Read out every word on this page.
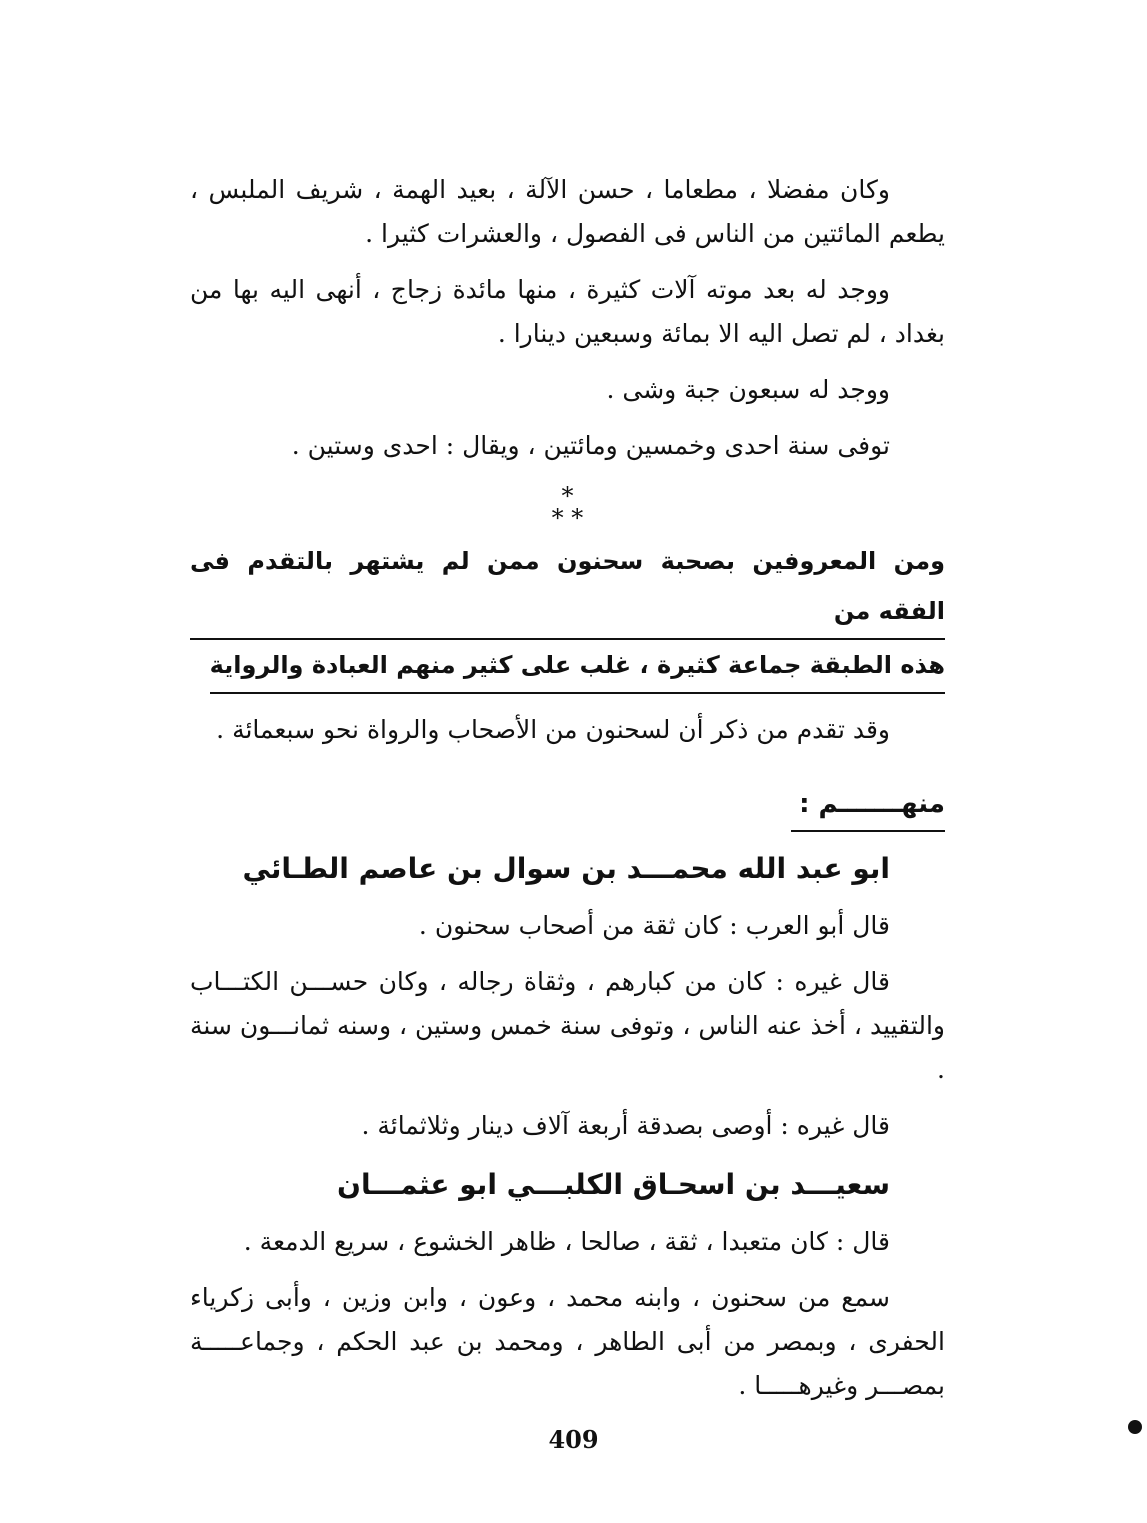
وكان مفضلا ، مطعاما ، حسن الآلة ، بعيد الهمة ، شريف الملبس ، يطعم المائتين من الناس فى الفصول ، والعشرات كثيرا .

ووجد له بعد موته آلات كثيرة ، منها مائدة زجاج ، أنهى اليه بها من بغداد ، لم تصل اليه الا بمائة وسبعين دينارا .

ووجد له سبعون جبة وشى .

توفى سنة احدى وخمسين ومائتين ، ويقال : احدى وستين .

*
* *
ومن المعروفين بصحبة سحنون ممن لم يشتهر بالتقدم فى الفقه من
هذه الطبقة جماعة كثيرة ، غلب على كثير منهم العبادة والرواية

وقد تقدم من ذكر أن لسحنون من الأصحاب والرواة نحو سبعمائة .

منهـــــــم :
ابو عبد الله محمـــد بن سوال بن عاصم الطـائي

قال أبو العرب : كان ثقة من أصحاب سحنون .

قال غيره : كان من كبارهم ، وثقاة رجاله ، وكان حســـن الكتـــاب والتقييد ، أخذ عنه الناس ، وتوفى سنة خمس وستين ، وسنه ثمانـــون سنة .

قال غيره : أوصى بصدقة أربعة آلاف دينار وثلاثمائة .

سعيـــد بن اسحـاق الكلبـــي ابو عثمـــان

قال : كان متعبدا ، ثقة ، صالحا ، ظاهر الخشوع ، سريع الدمعة .

سمع من سحنون ، وابنه محمد ، وعون ، وابن وزين ، وأبى زكرياء الحفرى ، وبمصر من أبى الطاهر ، ومحمد بن عبد الحكم ، وجماعـــــة بمصـــر وغيرهـــــا .

409
